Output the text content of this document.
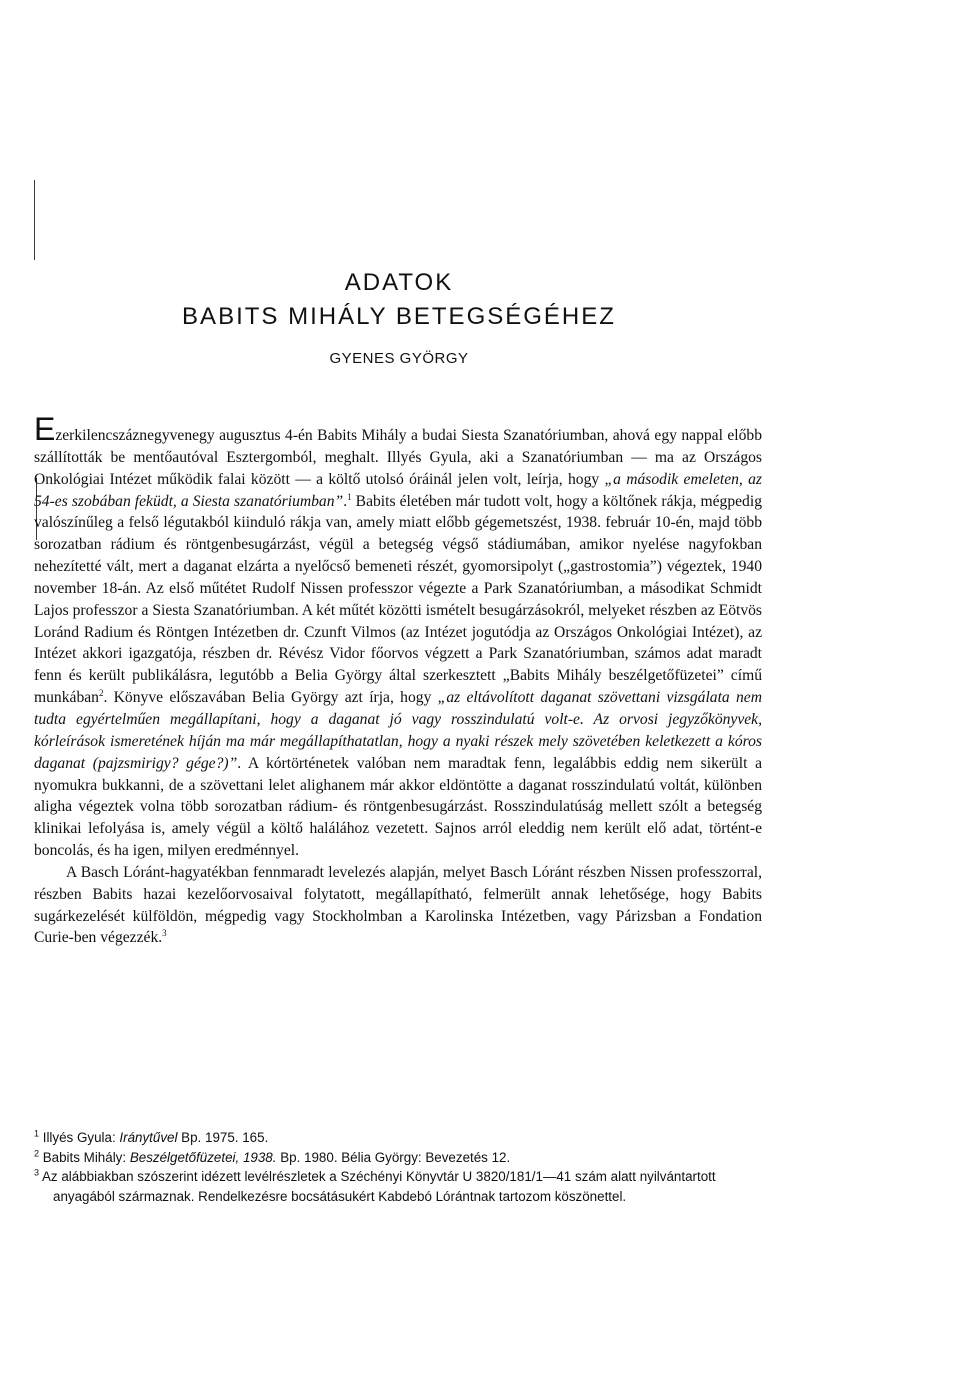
ADATOK
BABITS MIHÁLY BETEGSÉGÉHEZ
GYENES GYÖRGY

Ezerkilencszáznegyvenegy augusztus 4-én Babits Mihály a budai Siesta Szanatóriumban, ahová egy nappal előbb szállították be mentőautóval Esztergomból, meghalt. Illyés Gyula, aki a Szanatóriumban — ma az Országos Onkológiai Intézet működik falai között — a költő utolsó óráinál jelen volt, leírja, hogy „a második emeleten, az 54-es szobában feküdt, a Siesta szanatóriumban”.$^1$ Babits életében már tudott volt, hogy a költőnek rákja, mégpedig valószínűleg a felső légutakból kiinduló rákja van, amely miatt előbb gégemetszést, 1938. február 10-én, majd több sorozatban rádium és röntgenbesugárzást, végül a betegség végső stádiumában, amikor nyelése nagyfokban nehezítetté vált, mert a daganat elzárta a nyelőcső bemeneti részét, gyomorsipolyt („gastrostomia”) végeztek, 1940 november 18-án. Az első műtétet Rudolf Nissen professzor végezte a Park Szanatóriumban, a másodikat Schmidt Lajos professzor a Siesta Szanatóriumban. A két műtét közötti ismételt besugárzásokról, melyeket részben az Eötvös Loránd Radium és Röntgen Intézetben dr. Czunft Vilmos (az Intézet jogutódja az Országos Onkológiai Intézet), az Intézet akkori igazgatója, részben dr. Révész Vidor főorvos végzett a Park Szanatóriumban, számos adat maradt fenn és került publikálásra, legutóbb a Belia György által szerkesztett „Babits Mihály beszélgetőfüzetei” című munkában$^2$. Könyve előszavában Belia György azt írja, hogy „az eltávolított daganat szövettani vizsgálata nem tudta egyértelműen megállapítani, hogy a daganat jó vagy rosszindulatú volt-e. Az orvosi jegyzőkönyvek, kórleírások ismeretének híján ma már megállapíthatatlan, hogy a nyaki részek mely szövetében keletkezett a kóros daganat (pajzsmirigy? gége?)”. A kórtörténetek valóban nem maradtak fenn, legalábbis eddig nem sikerült a nyomukra bukkanni, de a szövettani lelet alighanem már akkor eldöntötte a daganat rosszindulatú voltát, különben aligha végeztek volna több sorozatban rádium- és röntgenbesugárzást. Rosszindulatúság mellett szólt a betegség klinikai lefolyása is, amely végül a költő halálához vezetett. Sajnos arról eleddig nem került elő adat, történt-e boncolás, és ha igen, milyen eredménnyel.

A Basch Lóránt-hagyatékban fennmaradt levelezés alapján, melyet Basch Lóránt részben Nissen professzorral, részben Babits hazai kezelőorvosaival folytatott, megállapítható, felmerült annak lehetősége, hogy Babits sugárkezelését külföldön, mégpedig vagy Stockholmban a Karolinska Intézetben, vagy Párizsban a Fondation Curie-ben végezzék.$^3$

$^1$ Illyés Gyula: Iránytűvel Bp. 1975. 165.

$^2$ Babits Mihály: Beszélgetőfüzetei, 1938. Bp. 1980. Bélia György: Bevezetés 12.

$^3$ Az alábbiakban szószerint idézett levélrészletek a Széchényi Könyvtár U 3820/181/1—41 szám alatt nyilvántartott anyagából származnak. Rendelkezésre bocsátásukért Kabdebó Lórántnak tartozom köszönettel.
